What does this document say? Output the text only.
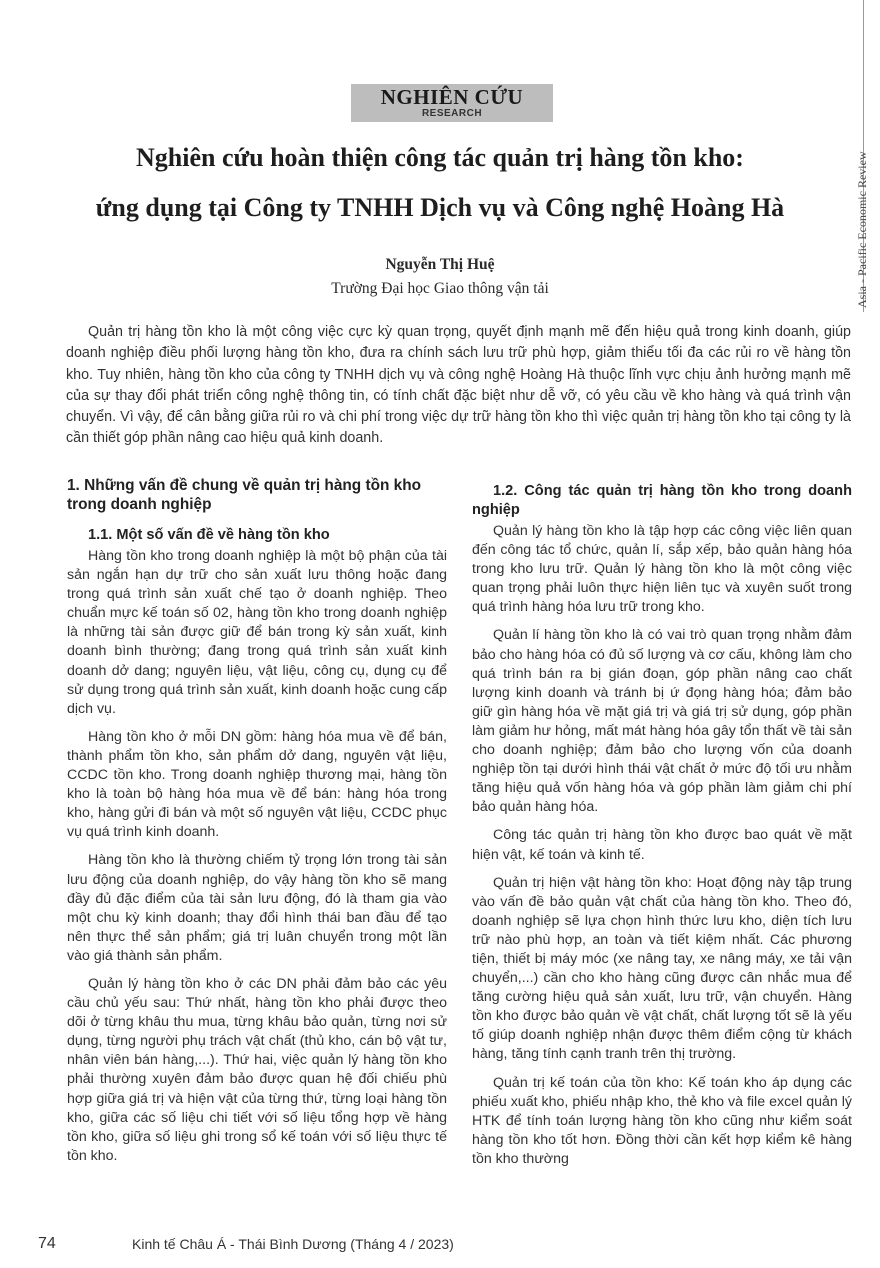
Asia - Pacific Economic Review
NGHIÊN CỨU
RESEARCH
Nghiên cứu hoàn thiện công tác quản trị hàng tồn kho:
ứng dụng tại Công ty TNHH Dịch vụ và Công nghệ Hoàng Hà
Nguyễn Thị Huệ
Trường Đại học Giao thông vận tải

Quản trị hàng tồn kho là một công việc cực kỳ quan trọng, quyết định mạnh mẽ đến hiệu quả trong kinh doanh, giúp doanh nghiệp điều phối lượng hàng tồn kho, đưa ra chính sách lưu trữ phù hợp, giảm thiểu tối đa các rủi ro về hàng tồn kho. Tuy nhiên, hàng tồn kho của công ty TNHH dịch vụ và công nghệ Hoàng Hà thuộc lĩnh vực chịu ảnh hưởng mạnh mẽ của sự thay đổi phát triển công nghệ thông tin, có tính chất đặc biệt như dễ vỡ, có yêu cầu về kho hàng và quá trình vận chuyển. Vì vậy, để cân bằng giữa rủi ro và chi phí trong việc dự trữ hàng tồn kho thì việc quản trị hàng tồn kho tại công ty là cần thiết góp phần nâng cao hiệu quả kinh doanh.

1. Những vấn đề chung về quản trị hàng tồn kho trong doanh nghiệp

1.1. Một số vấn đề về hàng tồn kho

Hàng tồn kho trong doanh nghiệp là một bộ phận của tài sản ngắn hạn dự trữ cho sản xuất lưu thông hoặc đang trong quá trình sản xuất chế tạo ở doanh nghiệp. Theo chuẩn mực kế toán số 02, hàng tồn kho trong doanh nghiệp là những tài sản được giữ để bán trong kỳ sản xuất, kinh doanh bình thường; đang trong quá trình sản xuất kinh doanh dở dang; nguyên liệu, vật liệu, công cụ, dụng cụ để sử dụng trong quá trình sản xuất, kinh doanh hoặc cung cấp dịch vụ.

Hàng tồn kho ở mỗi DN gồm: hàng hóa mua về để bán, thành phẩm tồn kho, sản phẩm dở dang, nguyên vật liệu, CCDC tồn kho. Trong doanh nghiệp thương mại, hàng tồn kho là toàn bộ hàng hóa mua về để bán: hàng hóa trong kho, hàng gửi đi bán và một số nguyên vật liệu, CCDC phục vụ quá trình kinh doanh.

Hàng tồn kho là thường chiếm tỷ trọng lớn trong tài sản lưu động của doanh nghiệp, do vậy hàng tồn kho sẽ mang đầy đủ đặc điểm của tài sản lưu động, đó là tham gia vào một chu kỳ kinh doanh; thay đổi hình thái ban đầu để tạo nên thực thể sản phẩm; giá trị luân chuyển trong một lần vào giá thành sản phẩm.

Quản lý hàng tồn kho ở các DN phải đảm bảo các yêu cầu chủ yếu sau: Thứ nhất, hàng tồn kho phải được theo dõi ở từng khâu thu mua, từng khâu bảo quản, từng nơi sử dụng, từng người phụ trách vật chất (thủ kho, cán bộ vật tư, nhân viên bán hàng,...). Thứ hai, việc quản lý hàng tồn kho phải thường xuyên đảm bảo được quan hệ đối chiếu phù hợp giữa giá trị và hiện vật của từng thứ, từng loại hàng tồn kho, giữa các số liệu chi tiết với số liệu tổng hợp về hàng tồn kho, giữa số liệu ghi trong sổ kế toán với số liệu thực tế tồn kho.

1.2. Công tác quản trị hàng tồn kho trong doanh nghiệp

Quản lý hàng tồn kho là tập hợp các công việc liên quan đến công tác tổ chức, quản lí, sắp xếp, bảo quản hàng hóa trong kho lưu trữ. Quản lý hàng tồn kho là một công việc quan trọng phải luôn thực hiện liên tục và xuyên suốt trong quá trình hàng hóa lưu trữ trong kho.

Quản lí hàng tồn kho là có vai trò quan trọng nhằm đảm bảo cho hàng hóa có đủ số lượng và cơ cấu, không làm cho quá trình bán ra bị gián đoạn, góp phần nâng cao chất lượng kinh doanh và tránh bị ứ đọng hàng hóa; đảm bảo giữ gìn hàng hóa về mặt giá trị và giá trị sử dụng, góp phần làm giảm hư hỏng, mất mát hàng hóa gây tổn thất về tài sản cho doanh nghiệp; đảm bảo cho lượng vốn của doanh nghiệp tồn tại dưới hình thái vật chất ở mức độ tối ưu nhằm tăng hiệu quả vốn hàng hóa và góp phần làm giảm chi phí bảo quản hàng hóa.

Công tác quản trị hàng tồn kho được bao quát về mặt hiện vật, kế toán và kinh tế.

Quản trị hiện vật hàng tồn kho: Hoạt động này tập trung vào vấn đề bảo quản vật chất của hàng tồn kho. Theo đó, doanh nghiệp sẽ lựa chọn hình thức lưu kho, diện tích lưu trữ nào phù hợp, an toàn và tiết kiệm nhất. Các phương tiện, thiết bị máy móc (xe nâng tay, xe nâng máy, xe tải vận chuyển,...) cần cho kho hàng cũng được cân nhắc mua để tăng cường hiệu quả sản xuất, lưu trữ, vận chuyển. Hàng tồn kho được bảo quản về vật chất, chất lượng tốt sẽ là yếu tố giúp doanh nghiệp nhận được thêm điểm cộng từ khách hàng, tăng tính cạnh tranh trên thị trường.

Quản trị kế toán của tồn kho: Kế toán kho áp dụng các phiếu xuất kho, phiếu nhập kho, thẻ kho và file excel quản lý HTK để tính toán lượng hàng tồn kho cũng như kiểm soát hàng tồn kho tốt hơn. Đồng thời cần kết hợp kiểm kê hàng tồn kho thường

74	Kinh tế Châu Á - Thái Bình Dương (Tháng 4 / 2023)
